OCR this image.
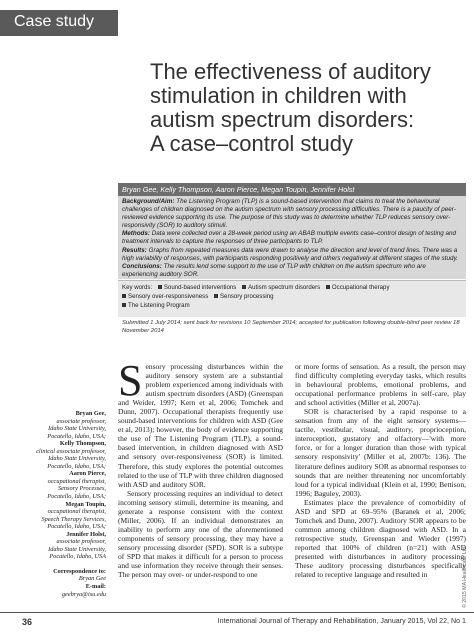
Case study
The effectiveness of auditory
stimulation in children with
autism spectrum disorders:
A case–control study
Bryan Gee, Kelly Thompson, Aaron Pierce, Megan Toupin, Jennifer Holst

Background/Aim: The Listening Program (TLP) is a sound-based intervention that claims to treat the behavioural challenges of children diagnosed on the autism spectrum with sensory processing difficulties. There is a paucity of peer-reviewed evidence supporting its use. The purpose of this study was to determine whether TLP reduces sensory over-responsivity (SOR) to auditory stimuli.

Methods: Data were collected over a 28-week period using an ABAB multiple events case–control design of testing and treatment intervals to capture the responses of three participants to TLP.

Results: Graphs from repeated measures data were drawn to analyse the direction and level of trend lines. There was a high variability of responses, with participants responding positively and others negatively at different stages of the study.

Conclusions: The results lend some support to the use of TLP with children on the autism spectrum who are experiencing auditory SOR.

Key words: Sound-based interventions Autism spectrum disorders Occupational therapy
Sensory over-responsiveness Sensory processing
The Listening Program
Submitted 1 July 2014; sent back for revisions 10 September 2014; accepted for publication following double-blind peer review 18 November 2014
Bryan Gee,
associate professor,
Idaho State University,
Pocatello, Idaho, USA;
Kelly Thompson,
clinical associate professor,
Idaho State University,
Pocatello, Idaho, USA;
Aaron Pierce,
occupational therapist,
Sensory Processes,
Pocatello, Idaho, USA;
Megan Toupin,
occupational therapist,
Speech Therapy Services,
Pocatello, Idaho, USA;
Jennifer Holst,
associate professor,
Idaho State University,
Pocatello, Idaho, USA
Correspondence to:
Bryan Gee
E-mail:
geebrya@isu.edu

Sensory processing disturbances within the auditory sensory system are a substantial problem experienced among individuals with autism spectrum disorders (ASD) (Greenspan and Weider, 1997; Kern et al, 2006; Tomchek and Dunn, 2007). Occupational therapists frequently use sound-based interventions for children with ASD (Gee et al, 2013); however, the body of evidence supporting the use of The Listening Program (TLP), a sound-based intervention, in children diagnosed with ASD and sensory over-responsiveness (SOR) is limited. Therefore, this study explores the potential outcomes related to the use of TLP with three children diagnosed with ASD and auditory SOR.

Sensory processing requires an individual to detect incoming sensory stimuli, determine its meaning, and generate a response consistent with the context (Miller, 2006). If an individual demonstrates an inability to perform any one of the aforementioned components of sensory processing, they may have a sensory processing disorder (SPD). SOR is a subtype of SPD that makes it difficult for a person to process and use information they receive through their senses. The person may over- or under-respond to one

or more forms of sensation. As a result, the person may find difficulty completing everyday tasks, which results in behavioural problems, emotional problems, and occupational performance problems in self-care, play and school activities (Miller et al, 2007a).

SOR is characterised by a rapid response to a sensation from any of the eight sensory systems—tactile, vestibular, visual, auditory, proprioception, interoception, gustatory and olfactory—'with more force, or for a longer duration than those with typical sensory responsivity' (Miller et al, 2007b: 136). The literature defines auditory SOR as abnormal responses to sounds that are neither threatening nor uncomfortably loud for a typical individual (Klein et al, 1990; Bettison, 1996; Baguley, 2003).

Estimates place the prevalence of comorbidity of ASD and SPD at 69–95% (Baranek et al, 2006; Tomchek and Dunn, 2007). Auditory SOR appears to be common among children diagnosed with ASD. In a retrospective study, Greenspan and Wieder (1997) reported that 100% of children (n=21) with ASD presented with disturbances in auditory processing. These auditory processing disturbances specifically related to receptive language and resulted in

36	International Journal of Therapy and Rehabilitation, January 2015, Vol 22, No 1
© 2015 MA Healthcare Ltd
